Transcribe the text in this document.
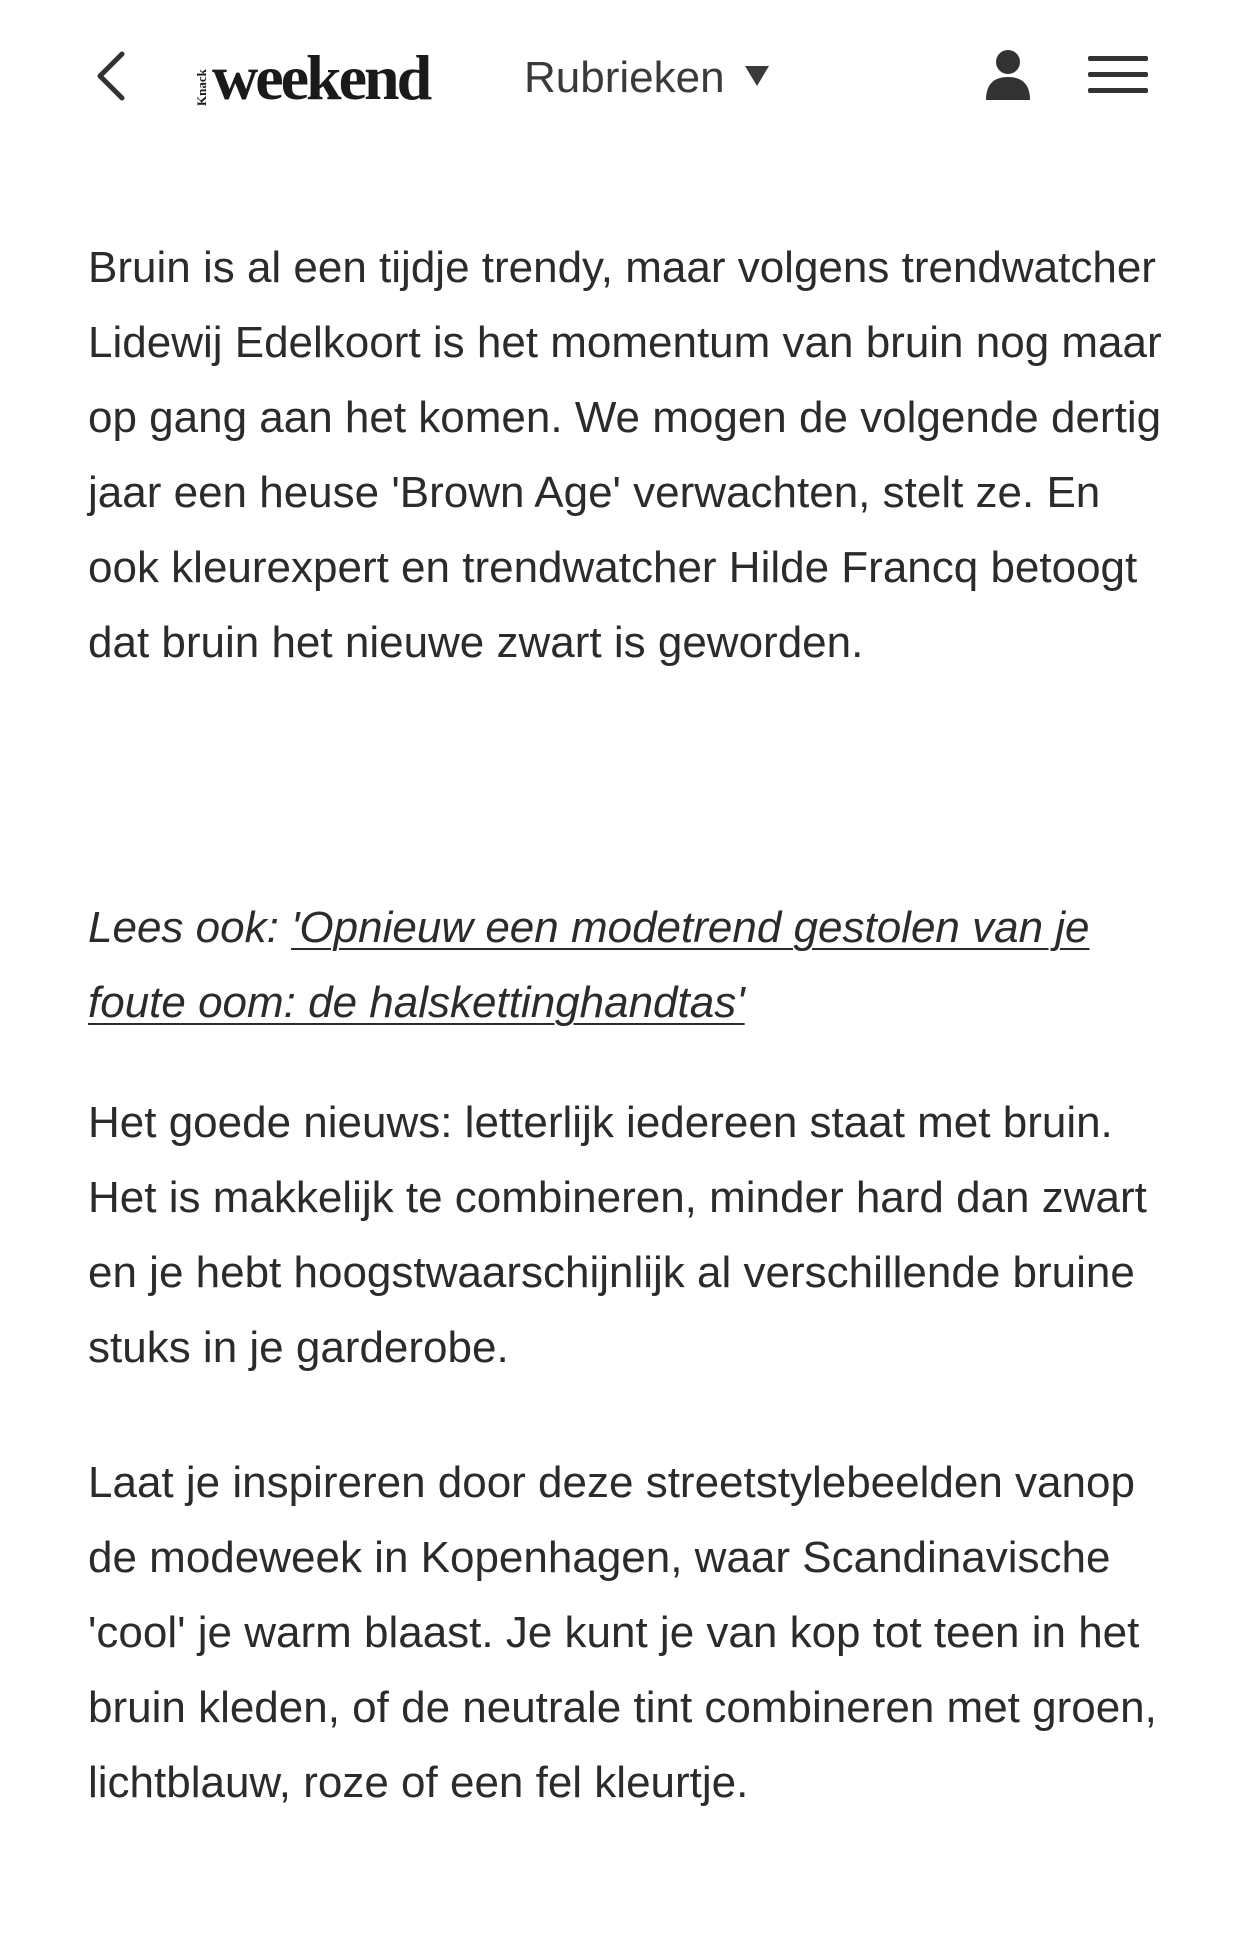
Knack weekend Rubrieken

Bruin is al een tijdje trendy, maar volgens trendwatcher Lidewij Edelkoort is het momentum van bruin nog maar op gang aan het komen. We mogen de volgende dertig jaar een heuse 'Brown Age' verwachten, stelt ze. En ook kleurexpert en trendwatcher Hilde Francq betoogt dat bruin het nieuwe zwart is geworden.

Lees ook: 'Opnieuw een modetrend gestolen van je foute oom: de halskettinghandtas'

Het goede nieuws: letterlijk iedereen staat met bruin. Het is makkelijk te combineren, minder hard dan zwart en je hebt hoogstwaarschijnlijk al verschillende bruine stuks in je garderobe.

Laat je inspireren door deze streetstylebeelden vanop de modeweek in Kopenhagen, waar Scandinavische 'cool' je warm blaast. Je kunt je van kop tot teen in het bruin kleden, of de neutrale tint combineren met groen, lichtblauw, roze of een fel kleurtje.
